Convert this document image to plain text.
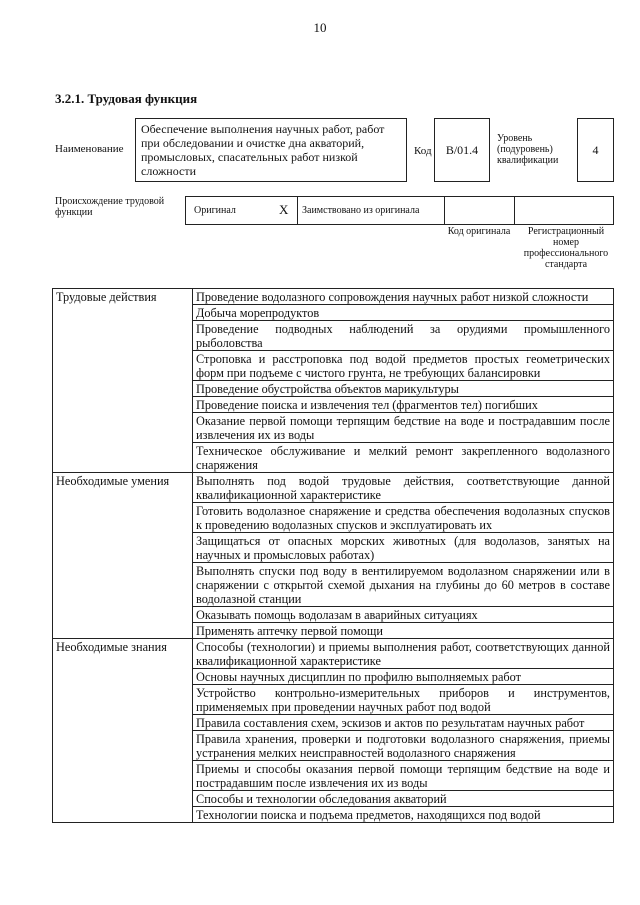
10
3.2.1. Трудовая функция
Наименование
Обеспечение выполнения научных работ, работ при обследовании и очистке дна акваторий, промысловых, спасательных работ низкой сложности
Код B/01.4
Уровень (подуровень) квалификации
4
Происхождение трудовой функции	Оригинал	X Заимствовано из оригинала
Код оригинала	Регистрационный номер профессионального стандарта
Трудовые действия	Проведение водолазного сопровождения научных работ низкой сложности
	Добыча морепродуктов
	Проведение подводных наблюдений за орудиями промышленного рыболовства
	Строповка и расстроповка под водой предметов простых геометрических форм при подъеме с чистого грунта, не требующих балансировки
	Проведение обустройства объектов марикультуры
	Проведение поиска и извлечения тел (фрагментов тел) погибших
	Оказание первой помощи терпящим бедствие на воде и пострадавшим после извлечения их из воды
	Техническое обслуживание и мелкий ремонт закрепленного водолазного снаряжения
Необходимые умения	Выполнять под водой трудовые действия, соответствующие данной квалификационной характеристике
	Готовить водолазное снаряжение и средства обеспечения водолазных спусков к проведению водолазных спусков и эксплуатировать их
	Защищаться от опасных морских животных (для водолазов, занятых на научных и промысловых работах)
	Выполнять спуски под воду в вентилируемом водолазном снаряжении или в снаряжении с открытой схемой дыхания на глубины до 60 метров в составе водолазной станции
	Оказывать помощь водолазам в аварийных ситуациях
	Применять аптечку первой помощи
Необходимые знания	Способы (технологии) и приемы выполнения работ, соответствующих данной квалификационной характеристике
	Основы научных дисциплин по профилю выполняемых работ
	Устройство контрольно-измерительных приборов и инструментов, применяемых при проведении научных работ под водой
	Правила составления схем, эскизов и актов по результатам научных работ
	Правила хранения, проверки и подготовки водолазного снаряжения, приемы устранения мелких неисправностей водолазного снаряжения
	Приемы и способы оказания первой помощи терпящим бедствие на воде и пострадавшим после извлечения их из воды
	Способы и технологии обследования акваторий
	Технологии поиска и подъема предметов, находящихся под водой
